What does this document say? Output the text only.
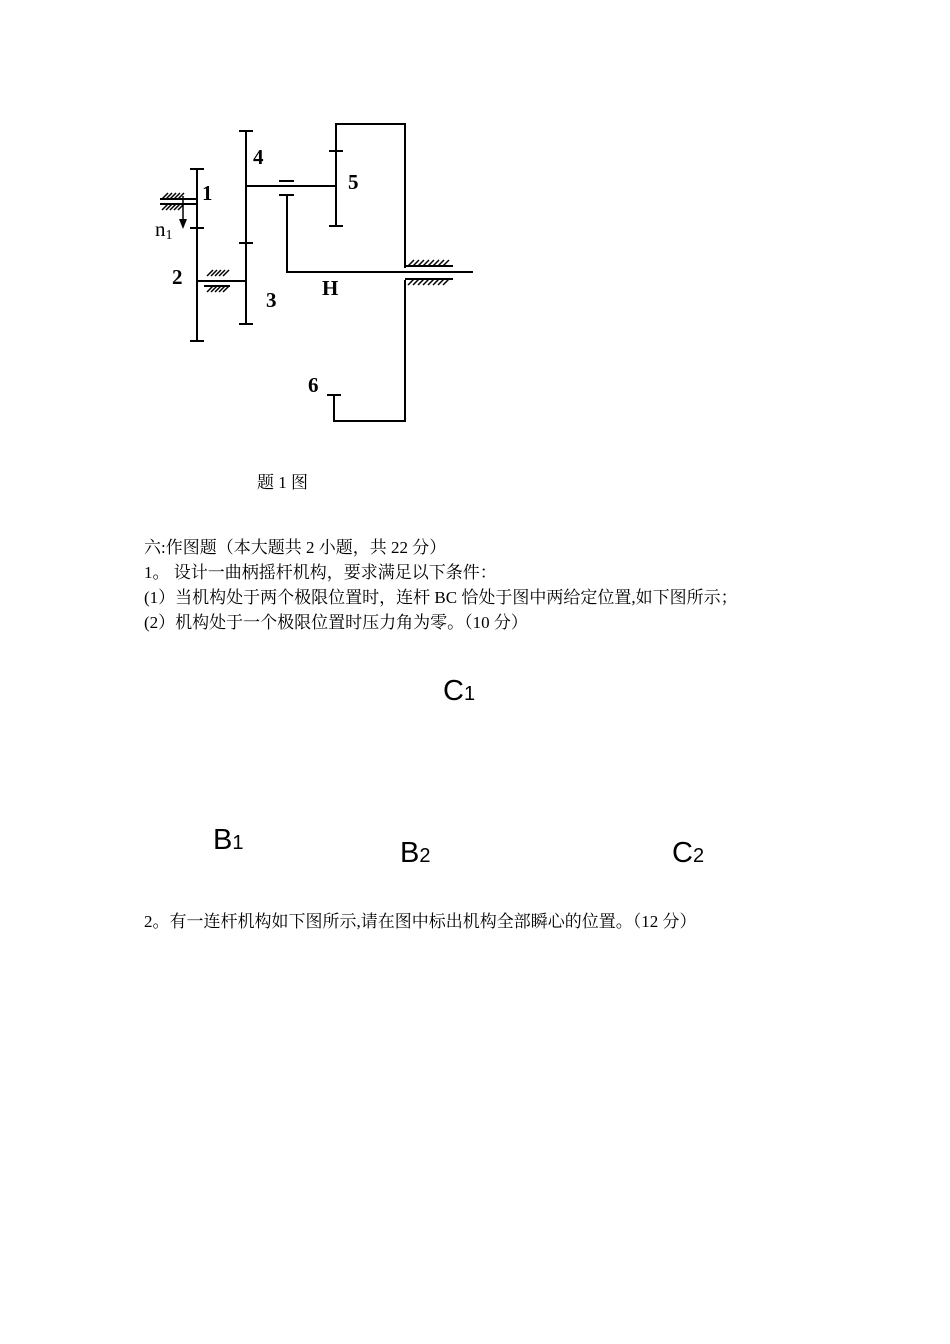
1
2
3
4
5
6
H
n1
题 1 图
六:作图题（本大题共 2 小题，共 22 分）
1。 设计一曲柄摇杆机构，要求满足以下条件：
(1）当机构处于两个极限位置时，连杆 BC 恰处于图中两给定位置,如下图所示；
(2）机构处于一个极限位置时压力角为零。（10 分）
C1
B1	B2	C2
2。有一连杆机构如下图所示,请在图中标出机构全部瞬心的位置。（12 分）
